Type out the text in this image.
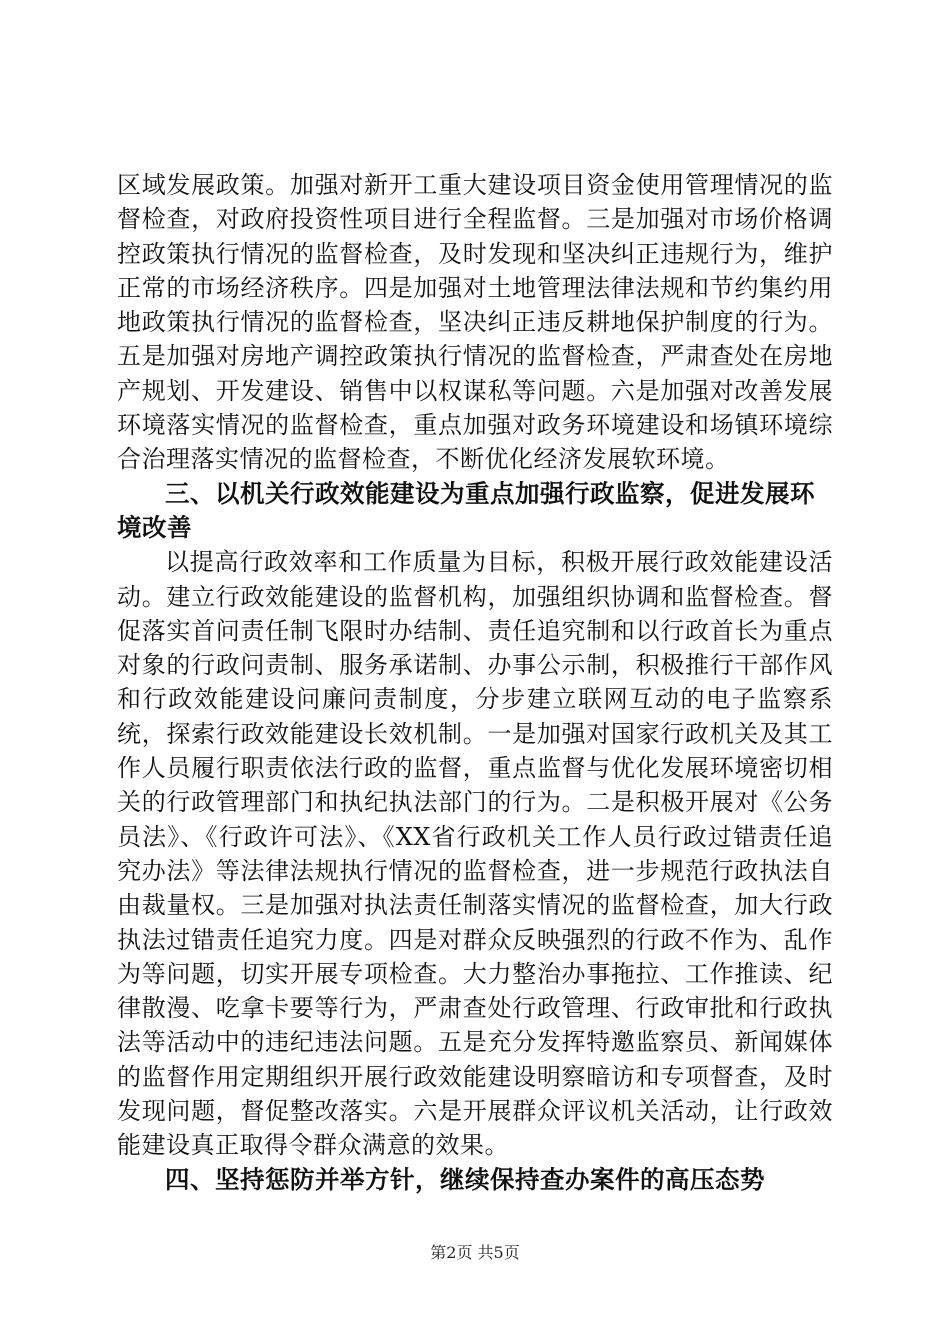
区域发展政策。加强对新开工重大建设项目资金使用管理情况的监督检查，对政府投资性项目进行全程监督。三是加强对市场价格调控政策执行情况的监督检查，及时发现和坚决纠正违规行为，维护正常的市场经济秩序。四是加强对土地管理法律法规和节约集约用地政策执行情况的监督检查，坚决纠正违反耕地保护制度的行为。五是加强对房地产调控政策执行情况的监督检查，严肃查处在房地产规划、开发建设、销售中以权谋私等问题。六是加强对改善发展环境落实情况的监督检查，重点加强对政务环境建设和场镇环境综合治理落实情况的监督检查，不断优化经济发展软环境。

三、以机关行政效能建设为重点加强行政监察，促进发展环境改善

以提高行政效率和工作质量为目标，积极开展行政效能建设活动。建立行政效能建设的监督机构，加强组织协调和监督检查。督促落实首问责任制飞限时办结制、责任追究制和以行政首长为重点对象的行政问责制、服务承诺制、办事公示制，积极推行干部作风和行政效能建设问廉问责制度，分步建立联网互动的电子监察系统，探索行政效能建设长效机制。一是加强对国家行政机关及其工作人员履行职责依法行政的监督，重点监督与优化发展环境密切相关的行政管理部门和执纪执法部门的行为。二是积极开展对《公务员法》、《行政许可法》、《XX省行政机关工作人员行政过错责任追究办法》等法律法规执行情况的监督检查，进一步规范行政执法自由裁量权。三是加强对执法责任制落实情况的监督检查，加大行政执法过错责任追究力度。四是对群众反映强烈的行政不作为、乱作为等问题，切实开展专项检查。大力整治办事拖拉、工作推读、纪律散漫、吃拿卡要等行为，严肃查处行政管理、行政审批和行政执法等活动中的违纪违法问题。五是充分发挥特邀监察员、新闻媒体的监督作用定期组织开展行政效能建设明察暗访和专项督查，及时发现问题，督促整改落实。六是开展群众评议机关活动，让行政效能建设真正取得令群众满意的效果。

四、坚持惩防并举方针，继续保持查办案件的高压态势

第2页 共5页
